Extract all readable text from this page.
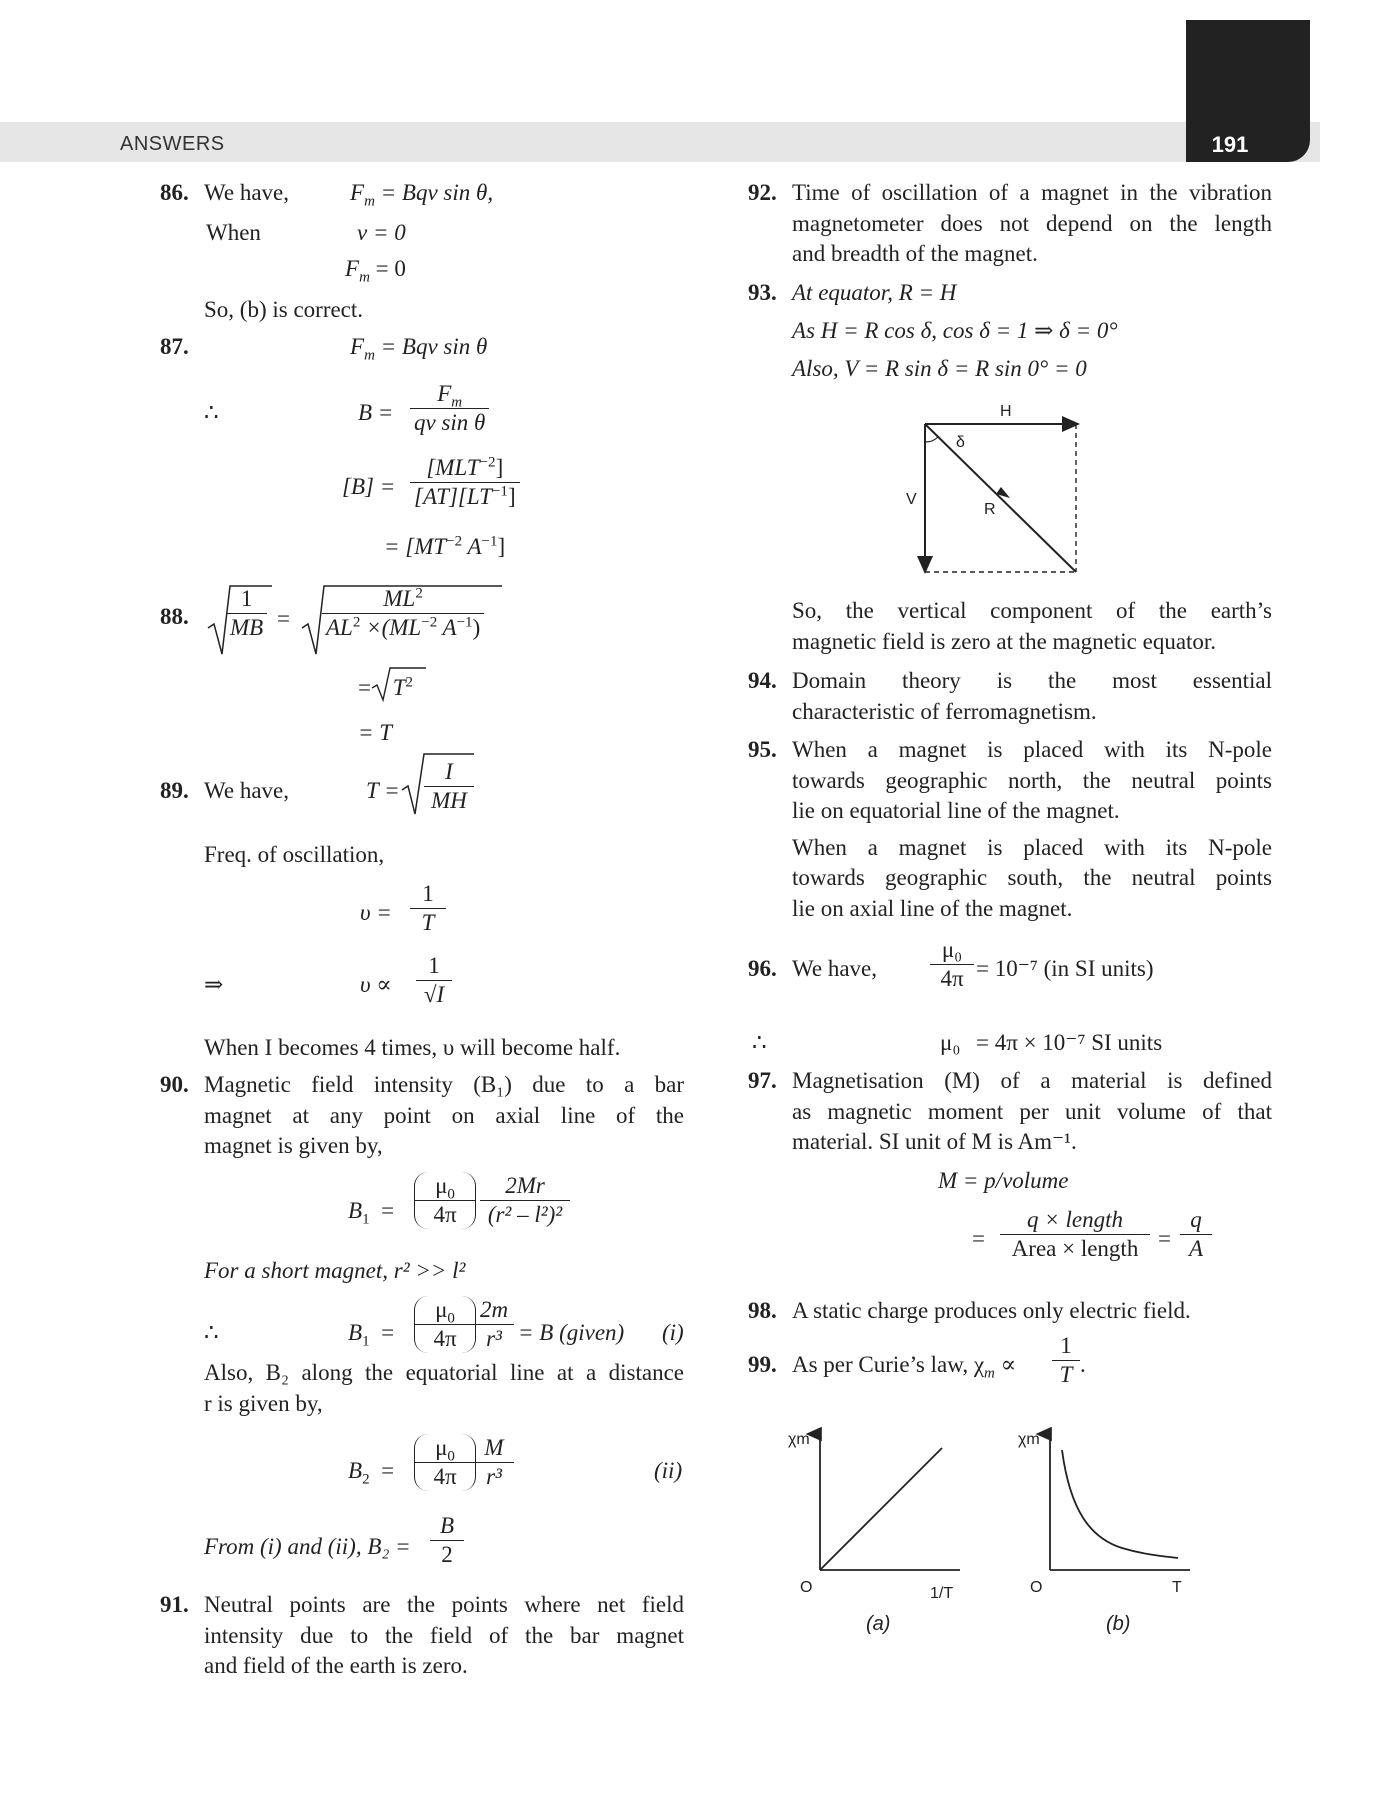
ANSWERS	191
86. We have,	$F_m$ = Bqv sin θ,
When	v = 0
$F_m = 0$
So, (b) is correct.
87.	$F_m$ = Bqv sin θ
∴	$B = \frac{F_m}{\text{qv sin θ}}$
[B] =
$[MLT^{-2}]$
$[AT][LT^{-1}]$
= [$MT^{-2}$ $A^{-1}$]
88. $\frac{1}{MB} = \frac{ML^2}{AL^2 \times(ML^{-2} A^{-1})}$
= $T^2$
= T
89. We have,	$T = \frac{I}{MH}$
Freq. of oscillation,
$\upsilon = \frac{1}{T}$
⇒	$\upsilon \propto \frac{1}{√I}$
When I becomes 4 times, υ will become half.
90. Magnetic field intensity (B₁) due to a bar
magnet at any point on axial line of the
magnet is given by,
$B_1 = \frac{\mu_0}{4\pi} \frac{2Mr}{\text{(r² – l²)²}}$
For a short magnet, r² >> l²
∴	$B_1 = \frac{\mu_0}{4\pi}$
$\frac{2m}{\text{r³}} = B$ (given) (i)
Also, B₂ along the equatorial line at a distance
r is given by,
$B_2 = \frac{\mu_0}{4\pi}$
$\frac{M}{\text{r³}}$	(ii)
From (i) and (ii), $B_2 = \frac{B}{2}$
91. Neutral points are the points where net field
intensity due to the field of the bar magnet
and field of the earth is zero.
92. Time of oscillation of a magnet in the vibration
magnetometer does not depend on the length
and breadth of the magnet.
93. At equator, R = H
As H = R cos δ, cos δ = 1 ⇒ δ = 0°
Also, V = R sin δ = R sin 0° = 0
H
V
R
δ
So, the vertical component of the earth’s
magnetic field is zero at the magnetic equator.
94. Domain theory is the most essential
characteristic of ferromagnetism.
95. When a magnet is placed with its N-pole
towards geographic north, the neutral points
lie on equatorial line of the magnet.
When a magnet is placed with its N-pole
towards geographic south, the neutral points
lie on axial line of the magnet.
96. We have, $\frac{\text{μ₀}}{4\pi} = 10^{-7}$ (in SI units)
∴	μ₀ = 4π × 10⁻⁷ SI units
97. Magnetisation (M) of a material is defined
as magnetic moment per unit volume of that
material. SI unit of M is Am⁻¹.
M = p/volume
=
q × length
Area × length = $\frac{q}{A}$
98. A static charge produces only electric field.
99. As per Curie’s law, $\chi_m \propto \frac{1}{T}$ .
χm
O	1/T
(a)
χm
O	T
(b)
